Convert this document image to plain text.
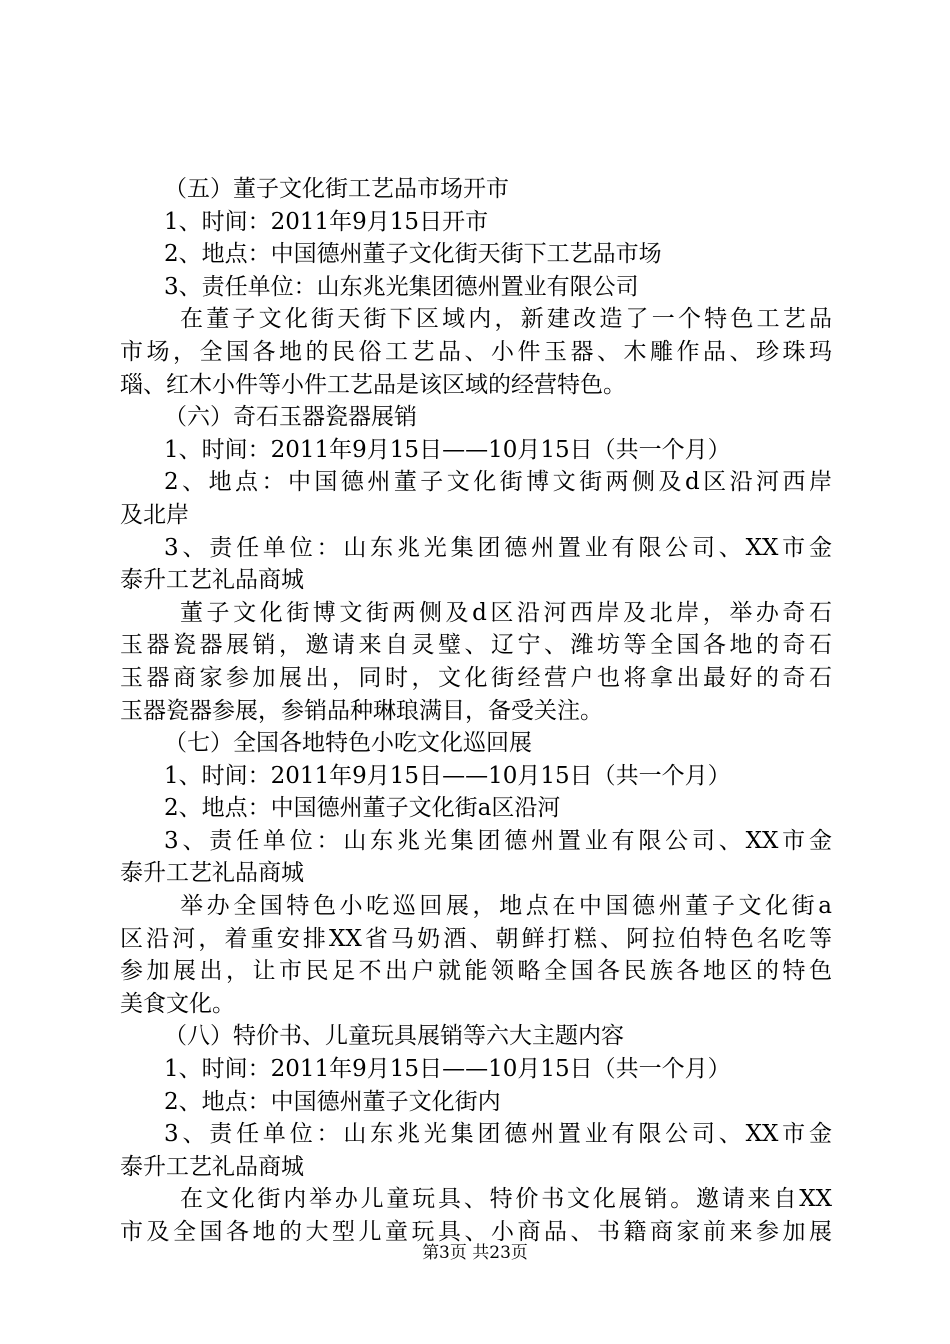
（五）董子文化街工艺品市场开市
1、时间：2011年9月15日开市
2、地点：中国德州董子文化街天街下工艺品市场
3、责任单位：山东兆光集团德州置业有限公司
在董子文化街天街下区域内，新建改造了一个特色工艺品
市场，全国各地的民俗工艺品、小件玉器、木雕作品、珍珠玛
瑙、红木小件等小件工艺品是该区域的经营特色。
（六）奇石玉器瓷器展销
1、时间：2011年9月15日——10月15日（共一个月）
2、地点：中国德州董子文化街博文街两侧及d区沿河西岸
及北岸
3、责任单位：山东兆光集团德州置业有限公司、XX市金
泰升工艺礼品商城
董子文化街博文街两侧及d区沿河西岸及北岸，举办奇石
玉器瓷器展销，邀请来自灵璧、辽宁、潍坊等全国各地的奇石
玉器商家参加展出，同时，文化街经营户也将拿出最好的奇石
玉器瓷器参展，参销品种琳琅满目，备受关注。
（七）全国各地特色小吃文化巡回展
1、时间：2011年9月15日——10月15日（共一个月）
2、地点：中国德州董子文化街a区沿河
3、责任单位：山东兆光集团德州置业有限公司、XX市金
泰升工艺礼品商城
举办全国特色小吃巡回展，地点在中国德州董子文化街a
区沿河，着重安排XX省马奶酒、朝鲜打糕、阿拉伯特色名吃等
参加展出，让市民足不出户就能领略全国各民族各地区的特色
美食文化。
（八）特价书、儿童玩具展销等六大主题内容
1、时间：2011年9月15日——10月15日（共一个月）
2、地点：中国德州董子文化街内
3、责任单位：山东兆光集团德州置业有限公司、XX市金
泰升工艺礼品商城
在文化街内举办儿童玩具、特价书文化展销。邀请来自XX
市及全国各地的大型儿童玩具、小商品、书籍商家前来参加展
第3页 共23页
